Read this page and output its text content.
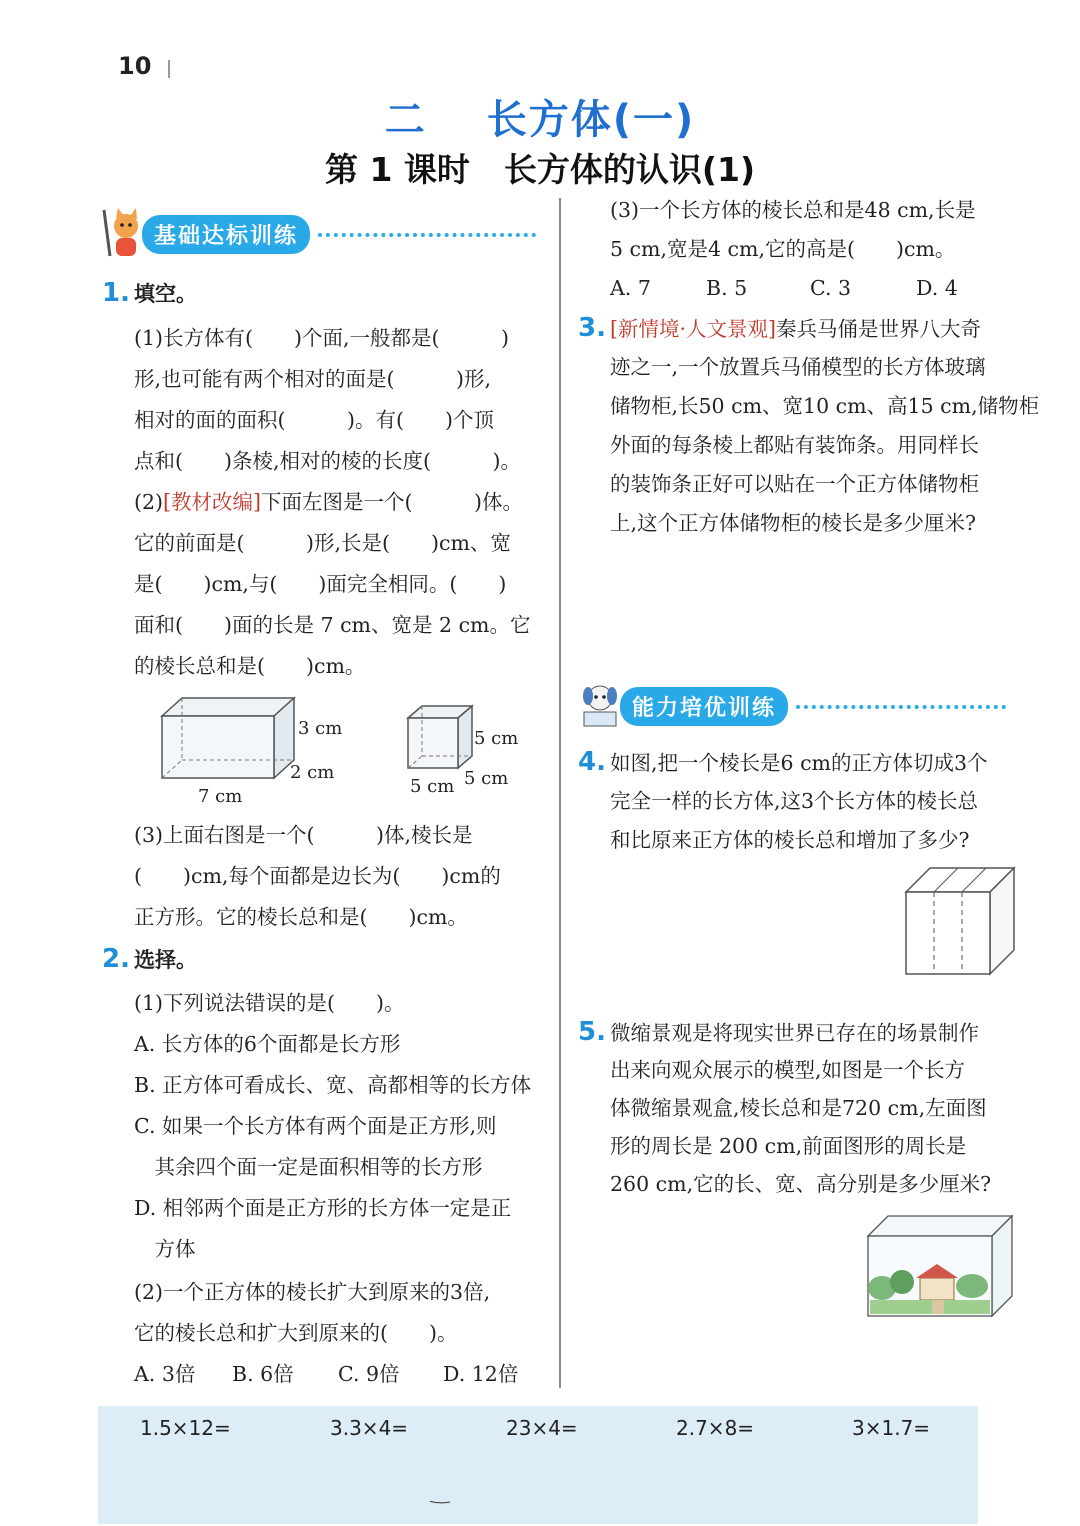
10
二 长方体(一)
第 1 课时 长方体的认识(1)
基础达标训练
1. 填空。
(1)长方体有(　　)个面,一般都是(　　　)
形,也可能有两个相对的面是(　　　)形,
相对的面的面积(　　　)。有(　　)个顶
点和(　　)条棱,相对的棱的长度(　　　)。
(2)[教材改编]下面左图是一个(　　　)体。
它的前面是(　　　)形,长是(　　)cm、宽
是(　　)cm,与(　　)面完全相同。(　　)
面和(　　)面的长是 7 cm、宽是 2 cm。它
的棱长总和是(　　)cm。
3 cm
2 cm
7 cm
5 cm
5 cm
5 cm
(3)上面右图是一个(　　　)体,棱长是
(　　)cm,每个面都是边长为(　　)cm的
正方形。它的棱长总和是(　　)cm。
2. 选择。
(1)下列说法错误的是(　　)。
A. 长方体的6个面都是长方形
B. 正方体可看成长、宽、高都相等的长方体
C. 如果一个长方体有两个面是正方形,则
　其余四个面一定是面积相等的长方形
D. 相邻两个面是正方形的长方体一定是正
　方体
(2)一个正方体的棱长扩大到原来的3倍,
它的棱长总和扩大到原来的(　　)。
A. 3倍 B. 6倍 C. 9倍 D. 12倍
(3)一个长方体的棱长总和是48 cm,长是
5 cm,宽是4 cm,它的高是(　　)cm。
A. 7	B. 5	C. 3	D. 4
3. [新情境·人文景观]秦兵马俑是世界八大奇
迹之一,一个放置兵马俑模型的长方体玻璃
储物柜,长50 cm、宽10 cm、高15 cm,储物柜
外面的每条棱上都贴有装饰条。用同样长
的装饰条正好可以贴在一个正方体储物柜
上,这个正方体储物柜的棱长是多少厘米?
能力培优训练
4. 如图,把一个棱长是6 cm的正方体切成3个
完全一样的长方体,这3个长方体的棱长总
和比原来正方体的棱长总和增加了多少?
5. 微缩景观是将现实世界已存在的场景制作
出来向观众展示的模型,如图是一个长方
体微缩景观盒,棱长总和是720 cm,左面图
形的周长是 200 cm,前面图形的周长是
260 cm,它的长、宽、高分别是多少厘米?
1.5×12=	3.3×4=	23×4=	2.7×8=	3×1.7=
